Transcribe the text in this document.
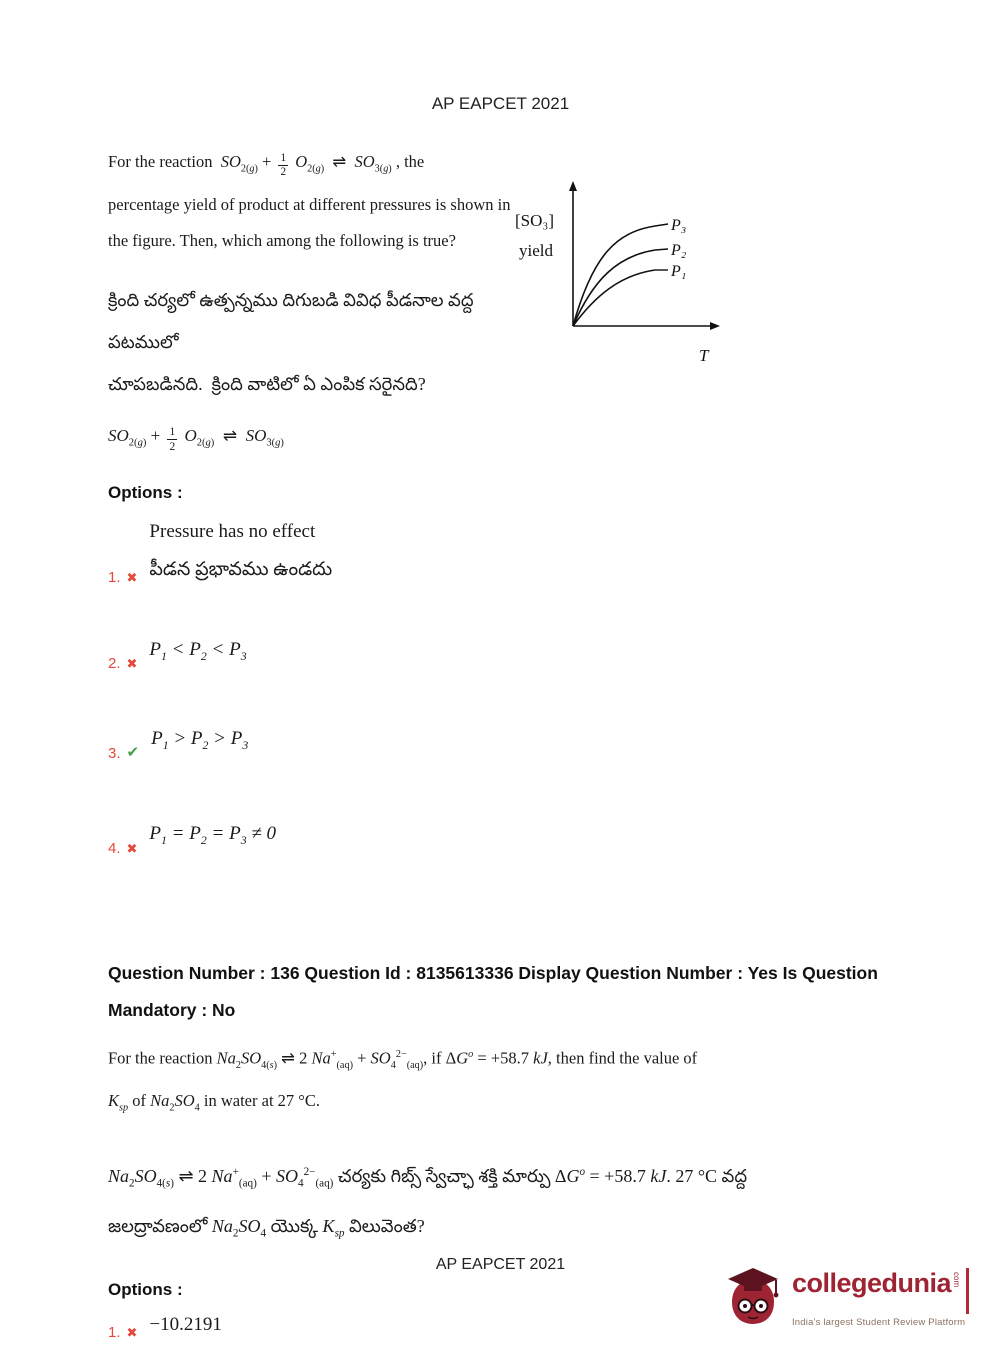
AP EAPCET 2021
For the reaction  $SO_{2(g)} + \frac{1}{2} O_{2(g)}$  ⇌  $SO_{3(g)}$ , the
percentage yield of product at different pressures is shown in
the figure. Then, which among the following is true?
P₃
P₂
P₁
[SO₃]
yield
T
క్రింది చర్యలో ఉత్పన్నము దిగుబడి వివిధ పీడనాల వద్ద పటములో
చూపబడినది.  క్రింది వాటిలో ఏ ఎంపిక సరైనది?
$SO_{2(g)} + \frac{1}{2} O_{2(g)}$  ⇌  $SO_{3(g)}$
Options :
1. ✖
Pressure has no effect
పీడన ప్రభావము ఉండదు
2. ✖
$P_1 < P_2 < P_3$
3. ✔
$P_1 > P_2 > P_3$
4. ✖
$P_1 = P_2 = P_3 \ne 0$
Question Number : 136 Question Id : 8135613336 Display Question Number : Yes Is Question
Mandatory : No
For the reaction $Na_2SO_{4(s)}$ ⇌ 2 $Na^+_{(aq)} + SO_4^{2-}_{(aq)}$, if $\Delta G^o = +58.7$ kJ, then find the value of
$K_{sp}$ of $Na_2SO_4$ in water at 27 °C.
$Na_2SO_{4(s)}$ ⇌ 2 $Na^+_{(aq)} + SO_4^{2-}_{(aq)}$ చర్యకు గిబ్స్ స్వేచ్ఛా శక్తి మార్పు $\Delta G^o = +58.7$ kJ. 27 °C వద్ద
జలద్రావణంలో $Na_2SO_4$ యొక్క $K_{sp}$ విలువెంత?
Options :
1. ✖ −10.2191
AP EAPCET 2021
collegedunia com
India's largest Student Review Platform
